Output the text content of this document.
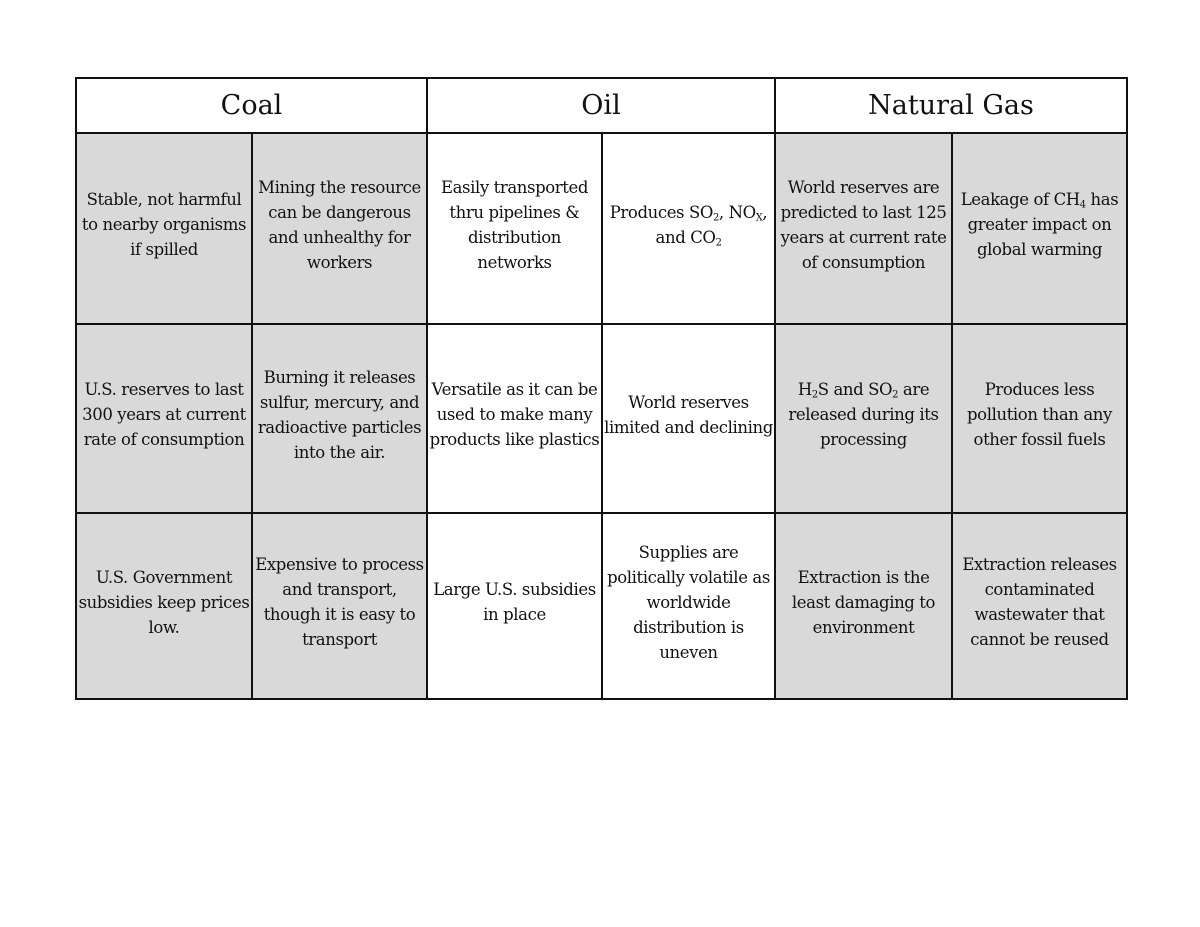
Coal		Oil		Natural Gas	

Stable, not harmful to nearby organisms if spilled	Mining the resource can be dangerous and unhealthy for workers	Easily transported thru pipelines & distribution networks	Produces $SO_2$, $NO_X$, and $CO_2$	World reserves are predicted to last 125 years at current rate of consumption	Leakage of $CH_4$ has greater impact on global warming

U.S. reserves to last 300 years at current rate of consumption	Burning it releases sulfur, mercury, and radioactive particles into the air.	Versatile as it can be used to make many products like plastics	World reserves limited and declining	$H_2S$ and $SO_2$ are released during its processing	Produces less pollution than any other fossil fuels

U.S. Government subsidies keep prices low.	Expensive to process and transport, though it is easy to transport	Large U.S. subsidies in place	Supplies are politically volatile as worldwide distribution is uneven	Extraction is the least damaging to environment	Extraction releases contaminated wastewater that cannot be reused
